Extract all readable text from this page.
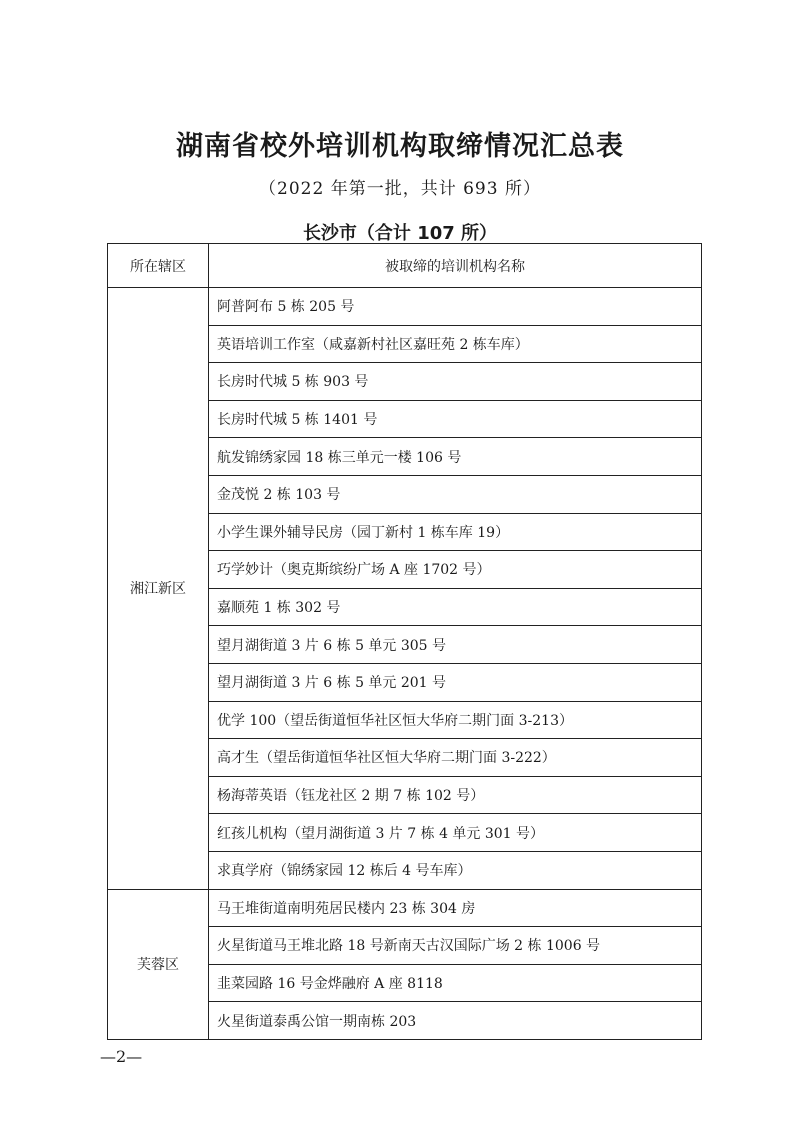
湖南省校外培训机构取缔情况汇总表
（2022 年第一批，共计 693 所）
长沙市（合计 107 所）
所在辖区	被取缔的培训机构名称
湘江新区	阿普阿布 5 栋 205 号
	英语培训工作室（咸嘉新村社区嘉旺苑 2 栋车库）
	长房时代城 5 栋 903 号
	长房时代城 5 栋 1401 号
	航发锦绣家园 18 栋三单元一楼 106 号
	金茂悦 2 栋 103 号
	小学生课外辅导民房（园丁新村 1 栋车库 19）
	巧学妙计（奥克斯缤纷广场 A 座 1702 号）
	嘉顺苑 1 栋 302 号
	望月湖街道 3 片 6 栋 5 单元 305 号
	望月湖街道 3 片 6 栋 5 单元 201 号
	优学 100（望岳街道恒华社区恒大华府二期门面 3-213）
	高才生（望岳街道恒华社区恒大华府二期门面 3-222）
	杨海蒂英语（钰龙社区 2 期 7 栋 102 号）
	红孩儿机构（望月湖街道 3 片 7 栋 4 单元 301 号）
	求真学府（锦绣家园 12 栋后 4 号车库）
芙蓉区	马王堆街道南明苑居民楼内 23 栋 304 房
	火星街道马王堆北路 18 号新南天古汉国际广场 2 栋 1006 号
	韭菜园路 16 号金烨融府 A 座 8118
	火星街道泰禹公馆一期南栋 203
—2—
